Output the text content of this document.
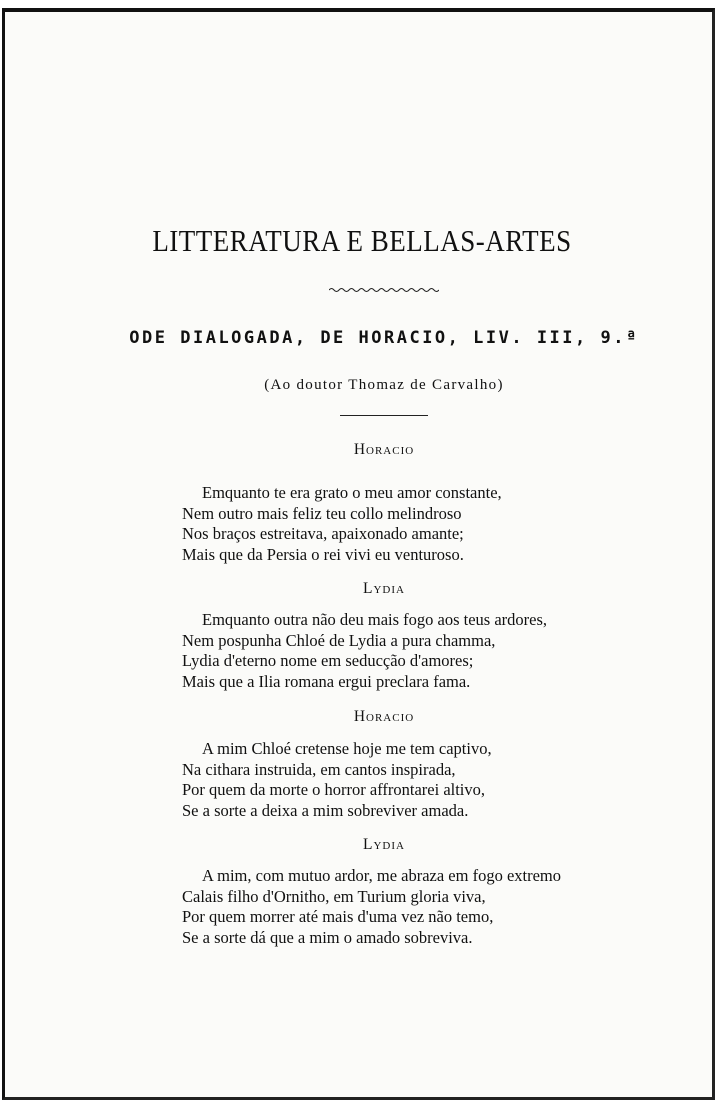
LITTERATURA E BELLAS-ARTES
ODE DIALOGADA, DE HORACIO, LIV. III, 9.ª
(Ao doutor Thomaz de Carvalho)
Horacio
Emquanto te era grato o meu amor constante,
Nem outro mais feliz teu collo melindroso
Nos braços estreitava, apaixonado amante;
Mais que da Persia o rei vivi eu venturoso.
Lydia
Emquanto outra não deu mais fogo aos teus ardores,
Nem pospunha Chloé de Lydia a pura chamma,
Lydia d'eterno nome em seducção d'amores;
Mais que a Ilia romana ergui preclara fama.
Horacio
A mim Chloé cretense hoje me tem captivo,
Na cithara instruida, em cantos inspirada,
Por quem da morte o horror affrontarei altivo,
Se a sorte a deixa a mim sobreviver amada.
Lydia
A mim, com mutuo ardor, me abraza em fogo extremo
Calais filho d'Ornitho, em Turium gloria viva,
Por quem morrer até mais d'uma vez não temo,
Se a sorte dá que a mim o amado sobreviva.
